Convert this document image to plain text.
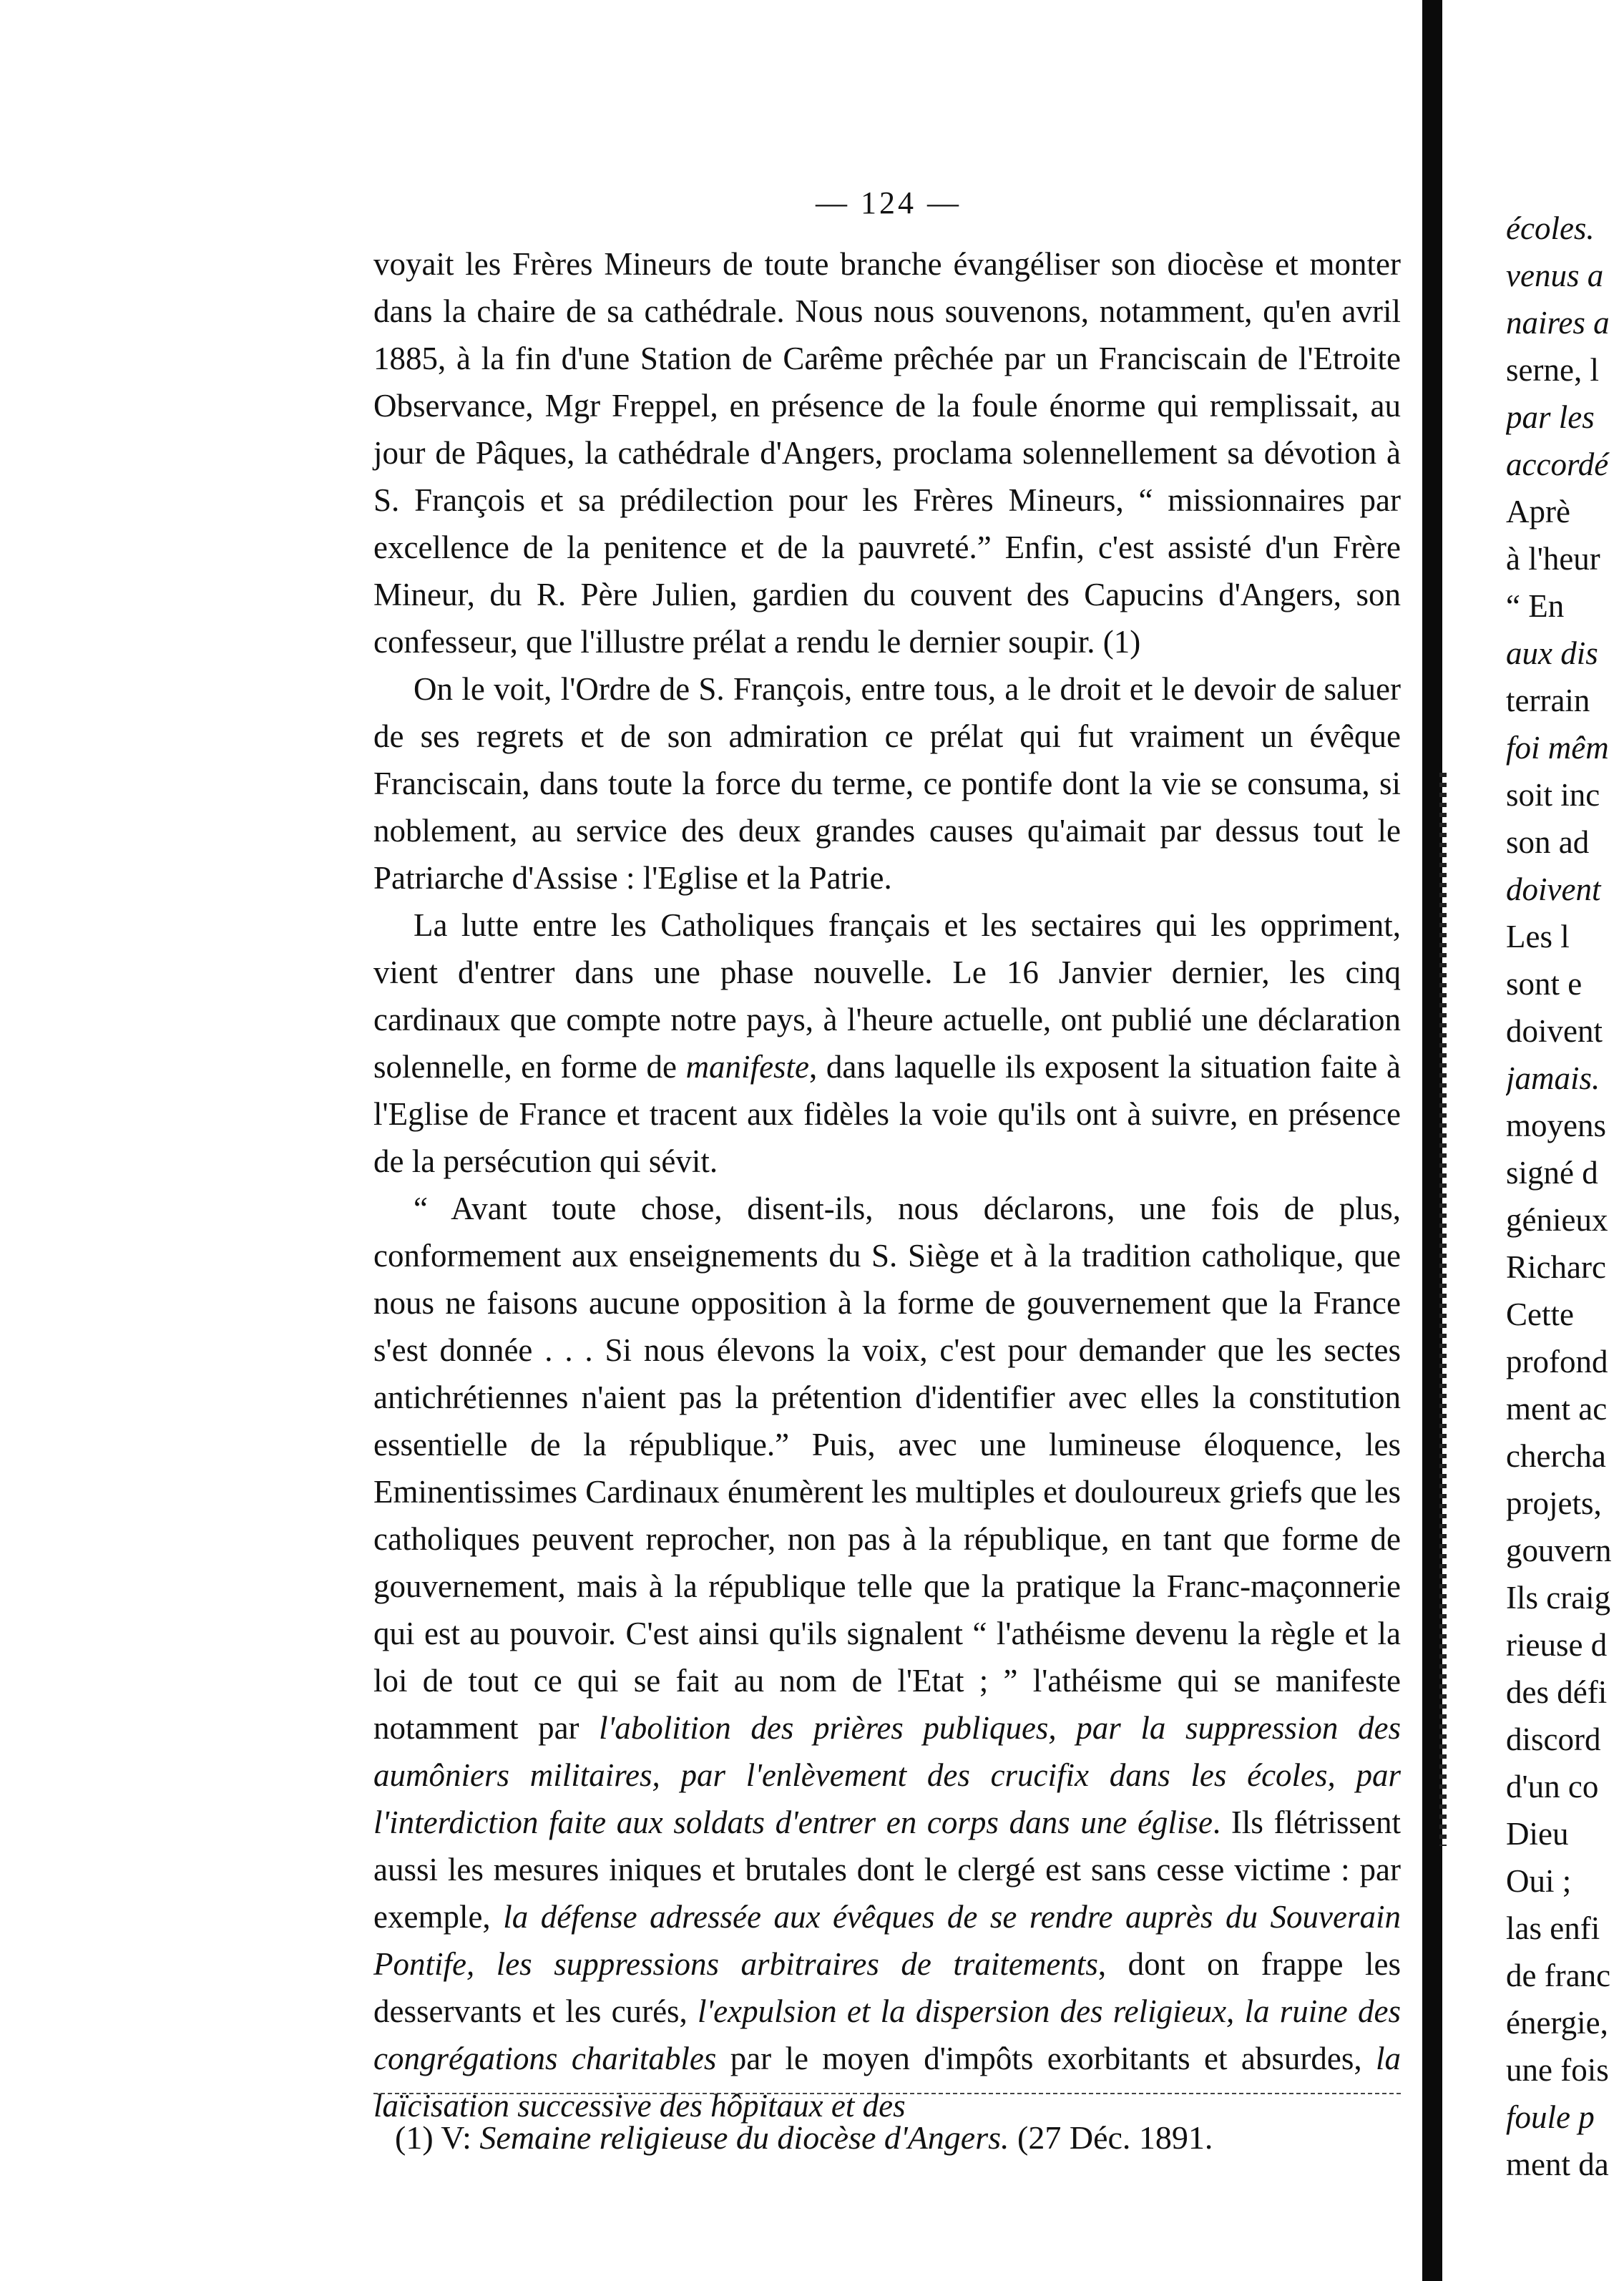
— 124 —

voyait les Frères Mineurs de toute branche évangéliser son diocèse et monter dans la chaire de sa cathédrale. Nous nous souvenons, notamment, qu'en avril 1885, à la fin d'une Station de Carême prêchée par un Franciscain de l'Etroite Observance, Mgr Freppel, en présence de la foule énorme qui remplissait, au jour de Pâques, la cathédrale d'Angers, proclama solennellement sa dévotion à S. François et sa prédilection pour les Frères Mineurs, “ missionnaires par excellence de la penitence et de la pauvreté.” Enfin, c'est assisté d'un Frère Mineur, du R. Père Julien, gardien du couvent des Capucins d'Angers, son confesseur, que l'illustre prélat a rendu le dernier soupir. (1)

On le voit, l'Ordre de S. François, entre tous, a le droit et le devoir de saluer de ses regrets et de son admiration ce prélat qui fut vraiment un évêque Franciscain, dans toute la force du terme, ce pontife dont la vie se consuma, si noblement, au service des deux grandes causes qu'aimait par dessus tout le Patriarche d'Assise : l'Eglise et la Patrie.

La lutte entre les Catholiques français et les sectaires qui les oppriment, vient d'entrer dans une phase nouvelle. Le 16 Janvier dernier, les cinq cardinaux que compte notre pays, à l'heure actuelle, ont publié une déclaration solennelle, en forme de manifeste, dans laquelle ils exposent la situation faite à l'Eglise de France et tracent aux fidèles la voie qu'ils ont à suivre, en présence de la persécution qui sévit.

“ Avant toute chose, disent-ils, nous déclarons, une fois de plus, conformement aux enseignements du S. Siège et à la tradition catholique, que nous ne faisons aucune opposition à la forme de gouvernement que la France s'est donnée . . . Si nous élevons la voix, c'est pour demander que les sectes antichrétiennes n'aient pas la prétention d'identifier avec elles la constitution essentielle de la république.” Puis, avec une lumineuse éloquence, les Eminentissimes Cardinaux énumèrent les multiples et douloureux griefs que les catholiques peuvent reprocher, non pas à la république, en tant que forme de gouvernement, mais à la république telle que la pratique la Franc-maçonnerie qui est au pouvoir. C'est ainsi qu'ils signalent “ l'athéisme devenu la règle et la loi de tout ce qui se fait au nom de l'Etat ; ” l'athéisme qui se manifeste notamment par l'abolition des prières publiques, par la suppression des aumôniers militaires, par l'enlèvement des crucifix dans les écoles, par l'interdiction faite aux soldats d'entrer en corps dans une église. Ils flétrissent aussi les mesures iniques et brutales dont le clergé est sans cesse victime : par exemple, la défense adressée aux évêques de se rendre auprès du Souverain Pontife, les suppressions arbitraires de traitements, dont on frappe les desservants et les curés, l'expulsion et la dispersion des religieux, la ruine des congrégations charitables par le moyen d'impôts exorbitants et absurdes, la laïcisation successive des hôpitaux et des

(1) V: Semaine religieuse du diocèse d'Angers. (27 Déc. 1891.
écoles.
venus a
naires a
serne, l
par les
accordé
Aprè
à l'heur
“ En
aux dis
terrain
foi mêm
soit inc
son ad
doivent
Les l
sont e
doivent
jamais.
moyens
signé d
génieux
Richarc
Cette
profond
ment ac
chercha
projets,
gouvern
Ils craig
rieuse d
des défi
discord
d'un co
Dieu
Oui ;
las enfi
de franc
énergie,
une fois
foule p
ment da
